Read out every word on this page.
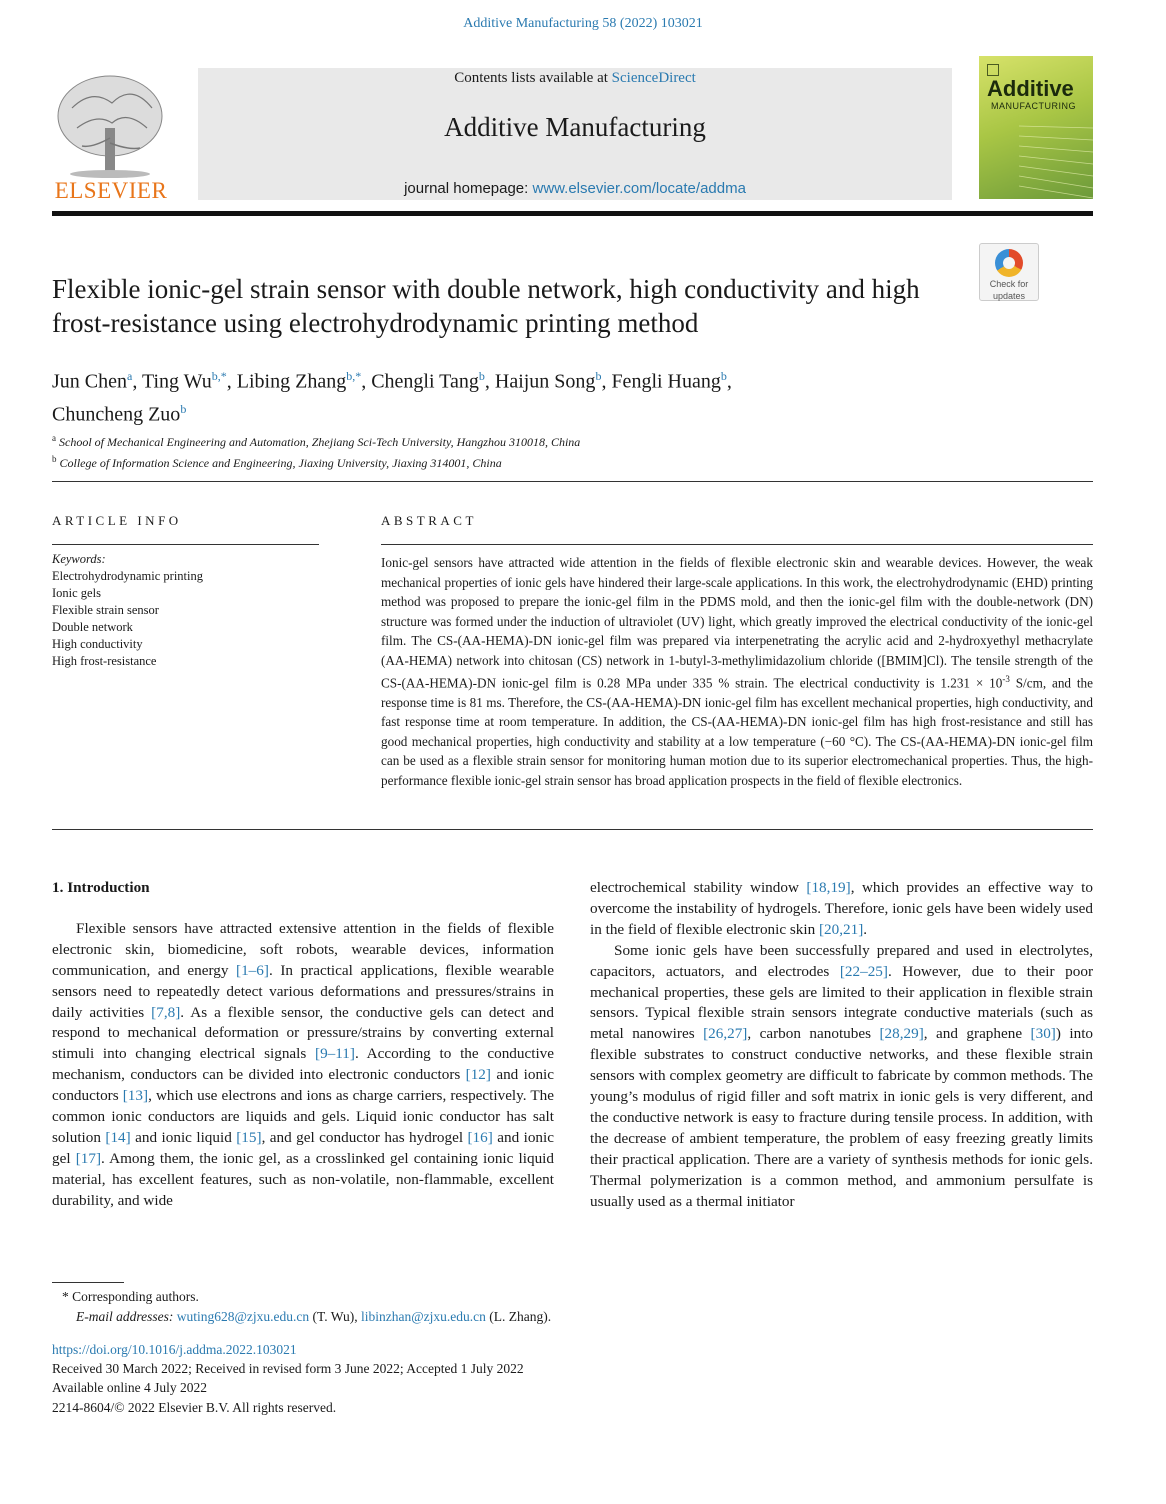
Additive Manufacturing 58 (2022) 103021
ELSEVIER
Contents lists available at ScienceDirect
Additive Manufacturing
journal homepage: www.elsevier.com/locate/addma
Additive
MANUFACTURING
Check for
updates
Flexible ionic-gel strain sensor with double network, high conductivity and high frost-resistance using electrohydrodynamic printing method
Jun Chen$^a$, Ting $Wu^{b,*}$, Libing Zhang$^{b,*}$, Chengli Tang$^b$, Haijun Song$^b$, Fengli Huang$^b$,
Chuncheng Zuo$^b$
$^a$ School of Mechanical Engineering and Automation, Zhejiang Sci-Tech University, Hangzhou 310018, China
$^b$ College of Information Science and Engineering, Jiaxing University, Jiaxing 314001, China
ARTICLE INFO	ABSTRACT
Keywords:
Electrohydrodynamic printing
Ionic gels
Flexible strain sensor
Double network
High conductivity
High frost-resistance
Ionic-gel sensors have attracted wide attention in the fields of flexible electronic skin and wearable devices. However, the weak mechanical properties of ionic gels have hindered their large-scale applications. In this work, the electrohydrodynamic (EHD) printing method was proposed to prepare the ionic-gel film in the PDMS mold, and then the ionic-gel film with the double-network (DN) structure was formed under the induction of ultraviolet (UV) light, which greatly improved the electrical conductivity of the ionic-gel film. The CS-(AA-HEMA)-DN ionic-gel film was prepared via interpenetrating the acrylic acid and 2-hydroxyethyl methacrylate (AA-HEMA) network into chitosan (CS) network in 1-butyl-3-methylimidazolium chloride ([BMIM]Cl). The tensile strength of the CS-(AA-HEMA)-DN ionic-gel film is 0.28 MPa under 335 % strain. The electrical conductivity is $1.231 \times 10^{-3}$ S/cm, and the response time is 81 ms. Therefore, the CS-(AA-HEMA)-DN ionic-gel film has excellent mechanical properties, high conductivity, and fast response time at room temperature. In addition, the CS-(AA-HEMA)-DN ionic-gel film has high frost-resistance and still has good mechanical properties, high conductivity and stability at a low temperature (−60 °C). The CS-(AA-HEMA)-DN ionic-gel film can be used as a flexible strain sensor for monitoring human motion due to its superior electromechanical properties. Thus, the high-performance flexible ionic-gel strain sensor has broad application prospects in the field of flexible electronics.
1. Introduction

Flexible sensors have attracted extensive attention in the fields of flexible electronic skin, biomedicine, soft robots, wearable devices, information communication, and energy [1–6]. In practical applications, flexible wearable sensors need to repeatedly detect various deformations and pressures/strains in daily activities [7,8]. As a flexible sensor, the conductive gels can detect and respond to mechanical deformation or pressure/strains by converting external stimuli into changing electrical signals [9–11]. According to the conductive mechanism, conductors can be divided into electronic conductors [12] and ionic conductors [13], which use electrons and ions as charge carriers, respectively. The common ionic conductors are liquids and gels. Liquid ionic conductor has salt solution [14] and ionic liquid [15], and gel conductor has hydrogel [16] and ionic gel [17]. Among them, the ionic gel, as a crosslinked gel containing ionic liquid material, has excellent features, such as non-volatile, non-flammable, excellent durability, and wide

electrochemical stability window [18,19], which provides an effective way to overcome the instability of hydrogels. Therefore, ionic gels have been widely used in the field of flexible electronic skin [20,21].

Some ionic gels have been successfully prepared and used in electrolytes, capacitors, actuators, and electrodes [22–25]. However, due to their poor mechanical properties, these gels are limited to their application in flexible strain sensors. Typical flexible strain sensors integrate conductive materials (such as metal nanowires [26,27], carbon nanotubes [28,29], and graphene [30]) into flexible substrates to construct conductive networks, and these flexible strain sensors with complex geometry are difficult to fabricate by common methods. The young’s modulus of rigid filler and soft matrix in ionic gels is very different, and the conductive network is easy to fracture during tensile process. In addition, with the decrease of ambient temperature, the problem of easy freezing greatly limits their practical application. There are a variety of synthesis methods for ionic gels. Thermal polymerization is a common method, and ammonium persulfate is usually used as a thermal initiator

* Corresponding authors.
E-mail addresses: wuting628@zjxu.edu.cn (T. Wu), libinzhan@zjxu.edu.cn (L. Zhang).
https://doi.org/10.1016/j.addma.2022.103021
Received 30 March 2022; Received in revised form 3 June 2022; Accepted 1 July 2022
Available online 4 July 2022
2214-8604/© 2022 Elsevier B.V. All rights reserved.
